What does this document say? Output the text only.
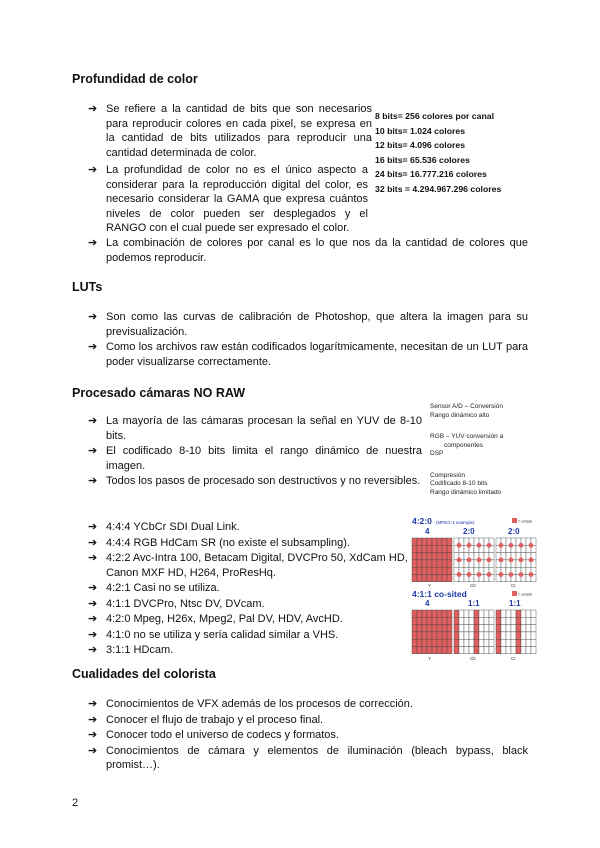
Profundidad de color
➔ Se refiere a la cantidad de bits que son necesarios para reproducir colores en cada pixel, se expresa en la cantidad de bits utilizados para reproducir una cantidad determinada de color.
➔ La profundidad de color no es el único aspecto a considerar para la reproducción digital del color, es necesario considerar la GAMA que expresa cuántos niveles de color pueden ser desplegados y el RANGO con el cual puede ser expresado el color.
➔ La combinación de colores por canal es lo que nos da la cantidad de colores que podemos reproducir.
8 bits= 256 colores por canal
10 bits= 1.024 colores
12 bits= 4.096 colores
16 bits= 65.536 colores
24 bits= 16.777.216 colores
32 bits = 4.294.967.296 colores
LUTs
➔ Son como las curvas de calibración de Photoshop, que altera la imagen para su previsualización.
➔ Como los archivos raw están codificados logarítmicamente, necesitan de un LUT para poder visualizarse correctamente.
Procesado cámaras NO RAW
➔ La mayoría de las cámaras procesan la señal en YUV de 8-10 bits.
➔ El codificado 8-10 bits limita el rango dinámico de nuestra imagen.
➔ Todos los pasos de procesado son destructivos y no reversibles.
Sensor A/D – Conversión
Rango dinámico alto
RGB – YUV conversión a
componentes
DSP
Compresión
Codificado 8-10 bits
Rango dinámico limitado
➔ 4:4:4 YCbCr SDI Dual Link.
➔ 4:4:4 RGB HdCam SR (no existe el subsampling).
➔ 4:2:2 Avc-Intra 100, Betacam Digital, DVCPro 50, XdCam HD, Canon MXF HD, H264, ProResHq.
➔ 4:2:1 Casi no se utiliza.
➔ 4:1:1 DVCPro, Ntsc DV, DVcam.
➔ 4:2:0 Mpeg, H26x, Mpeg2, Pal DV, HDV, AvcHD.
➔ 4:1:0 no se utiliza y sería calidad similar a VHS.
➔ 3:1:1 HDcam.
4:2:0 (MPEG-1 example)	= sample
4	2:0	2:0
Y	Cb	Cr
4:1:1 co-sited	= sample
4	1:1	1:1
Y	Cb	Cr
Cualidades del colorista
➔ Conocimientos de VFX además de los procesos de corrección.
➔ Conocer el flujo de trabajo y el proceso final.
➔ Conocer todo el universo de codecs y formatos.
➔ Conocimientos de cámara y elementos de iluminación (bleach bypass, black promist…).
2
